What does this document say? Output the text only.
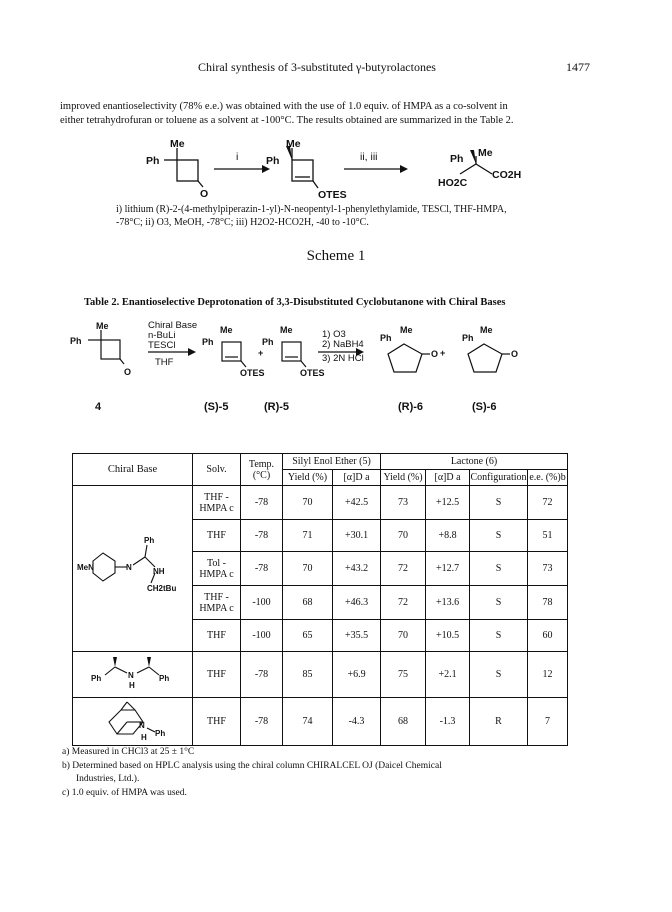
Chiral synthesis of 3-substituted γ-butyrolactones	1477
improved enantioselectivity (78% e.e.) was obtained with the use of 1.0 equiv. of HMPA as a co-solvent in
either tetrahydrofuran or toluene as a solvent at -100°C. The results obtained are summarized in the Table 2.
Me
Ph
O
i
Me
Ph
OTES
ii, iii	Ph Me
HO2C
CO2H
i) lithium (R)-2-(4-methylpiperazin-1-yl)-N-neopentyl-1-phenylethylamide, TESCl, THF-HMPA,
-78°C; ii) O3, MeOH, -78°C; iii) H2O2-HCO2H, -40 to -10°C.
Scheme 1
Table 2. Enantioselective Deprotonation of 3,3-Disubstituted Cyclobutanone with Chiral Bases
Me
Ph
O
Me
Ph
OTES
+
Me
Ph
OTES
Me
Ph
O +
Me
Ph
O
Chiral Base
n-BuLi
TESCl
THF
1) O3
2) NaBH4
3) 2N HCl
4	(S)-5	(R)-5	(R)-6	(S)-6
Chiral Base	Solv.	Temp.(°C)	Silyl Enol Ether (5)		Lactone (6)			
			Yield (%)	[α]D a	Yield (%)	[α]D a	Configuration	e.e. (%)b

MeN N
Ph
NH
CH2tBu	THF - HMPA c	-78	70	+42.5	73	+12.5	S	72
	THF	-78	71	+30.1	70	+8.8	S	51
	Tol - HMPA c	-78	70	+43.2	72	+12.7	S	73
	THF - HMPA c	-100	68	+46.3	72	+13.6	S	78
	THF	-100	65	+35.5	70	+10.5	S	60

Ph N
H
Ph	THF	-78	85	+6.9	75	+2.1	S	12

N
H Ph	THF	-78	74	-4.3	68	-1.3	R	7
a) Measured in CHCl3 at 25 ± 1°C
b) Determined based on HPLC analysis using the chiral column CHIRALCEL OJ (Daicel Chemical
Industries, Ltd.).
c) 1.0 equiv. of HMPA was used.
